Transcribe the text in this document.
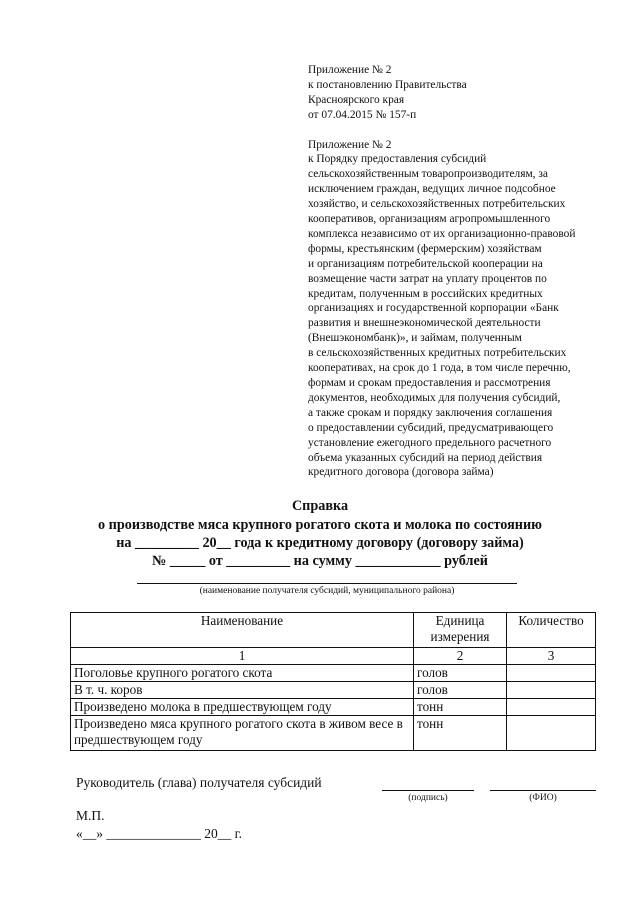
Приложение № 2
к постановлению Правительства
Красноярского края
от 07.04.2015 № 157-п
Приложение № 2
к Порядку предоставления субсидий
сельскохозяйственным товаропроизводителям, за
исключением граждан, ведущих личное подсобное
хозяйство, и сельскохозяйственных потребительских
кооперативов, организациям агропромышленного
комплекса независимо от их организационно-правовой
формы, крестьянским (фермерским) хозяйствам
и организациям потребительской кооперации на
возмещение части затрат на уплату процентов по
кредитам, полученным в российских кредитных
организациях и государственной корпорации «Банк
развития и внешнеэкономической деятельности
(Внешэкономбанк)», и займам, полученным
в сельскохозяйственных кредитных потребительских
кооперативах, на срок до 1 года, в том числе перечню,
формам и срокам предоставления и рассмотрения
документов, необходимых для получения субсидий,
а также срокам и порядку заключения соглашения
о предоставлении субсидий, предусматривающего
установление ежегодного предельного расчетного
объема указанных субсидий на период действия
кредитного договора (договора займа)
Справка
о производстве мяса крупного рогатого скота и молока по состоянию
на _________ 20__ года к кредитному договору (договору займа)
№ _____ от _________ на сумму ____________ рублей
(наименование получателя субсидий, муниципального района)
Наименование	Единица измерения	Количество
1	2	3
Поголовье крупного рогатого скота	голов	
В т. ч. коров	голов	
Произведено молока в предшествующем году	тонн	
Произведено мяса крупного рогатого скота в живом весе в предшествующем году	тонн	
Руководитель (глава) получателя субсидий
(подпись)	(ФИО)
М.П.
«__» ______________ 20__ г.
